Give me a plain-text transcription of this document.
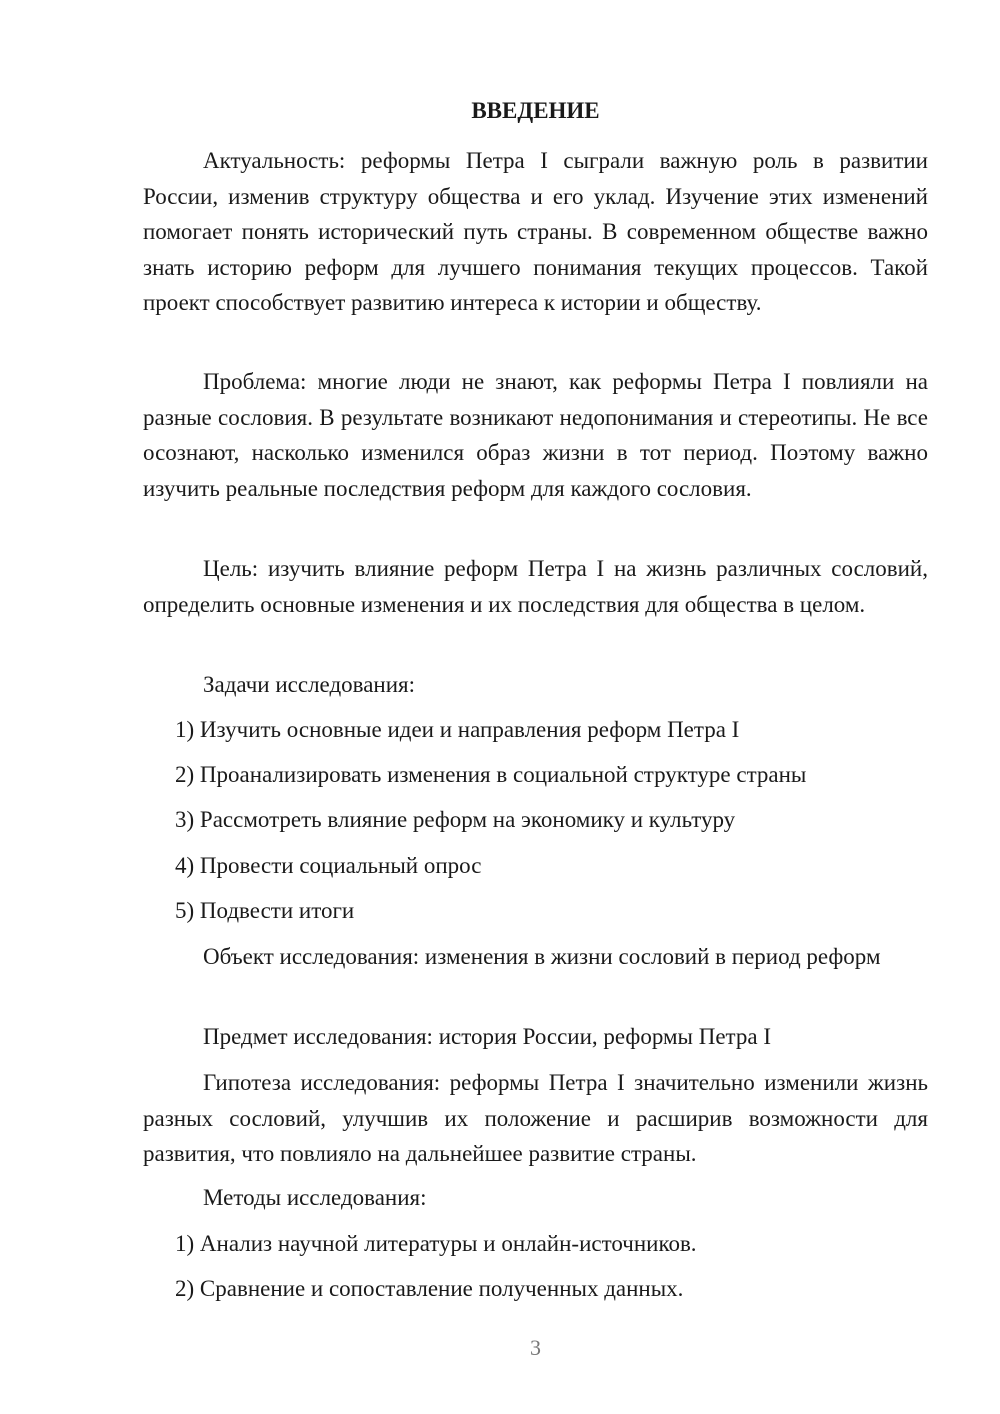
ВВЕДЕНИЕ

Актуальность: реформы Петра I сыграли важную роль в развитии России, изменив структуру общества и его уклад. Изучение этих изменений помогает понять исторический путь страны. В современном обществе важно знать историю реформ для лучшего понимания текущих процессов. Такой проект способствует развитию интереса к истории и обществу.

Проблема: многие люди не знают, как реформы Петра I повлияли на разные сословия. В результате возникают недопонимания и стереотипы. Не все осознают, насколько изменился образ жизни в тот период. Поэтому важно изучить реальные последствия реформ для каждого сословия.

Цель: изучить влияние реформ Петра I на жизнь различных сословий, определить основные изменения и их последствия для общества в целом.

Задачи исследования:

1) Изучить основные идеи и направления реформ Петра I

2) Проанализировать изменения в социальной структуре страны

3) Рассмотреть влияние реформ на экономику и культуру

4) Провести социальный опрос

5) Подвести итоги

Объект исследования: изменения в жизни сословий в период реформ

Предмет исследования: история России, реформы Петра I

Гипотеза исследования: реформы Петра I значительно изменили жизнь разных сословий, улучшив их положение и расширив возможности для развития, что повлияло на дальнейшее развитие страны.

Методы исследования:

1) Анализ научной литературы и онлайн-источников.

2) Сравнение и сопоставление полученных данных.

3
